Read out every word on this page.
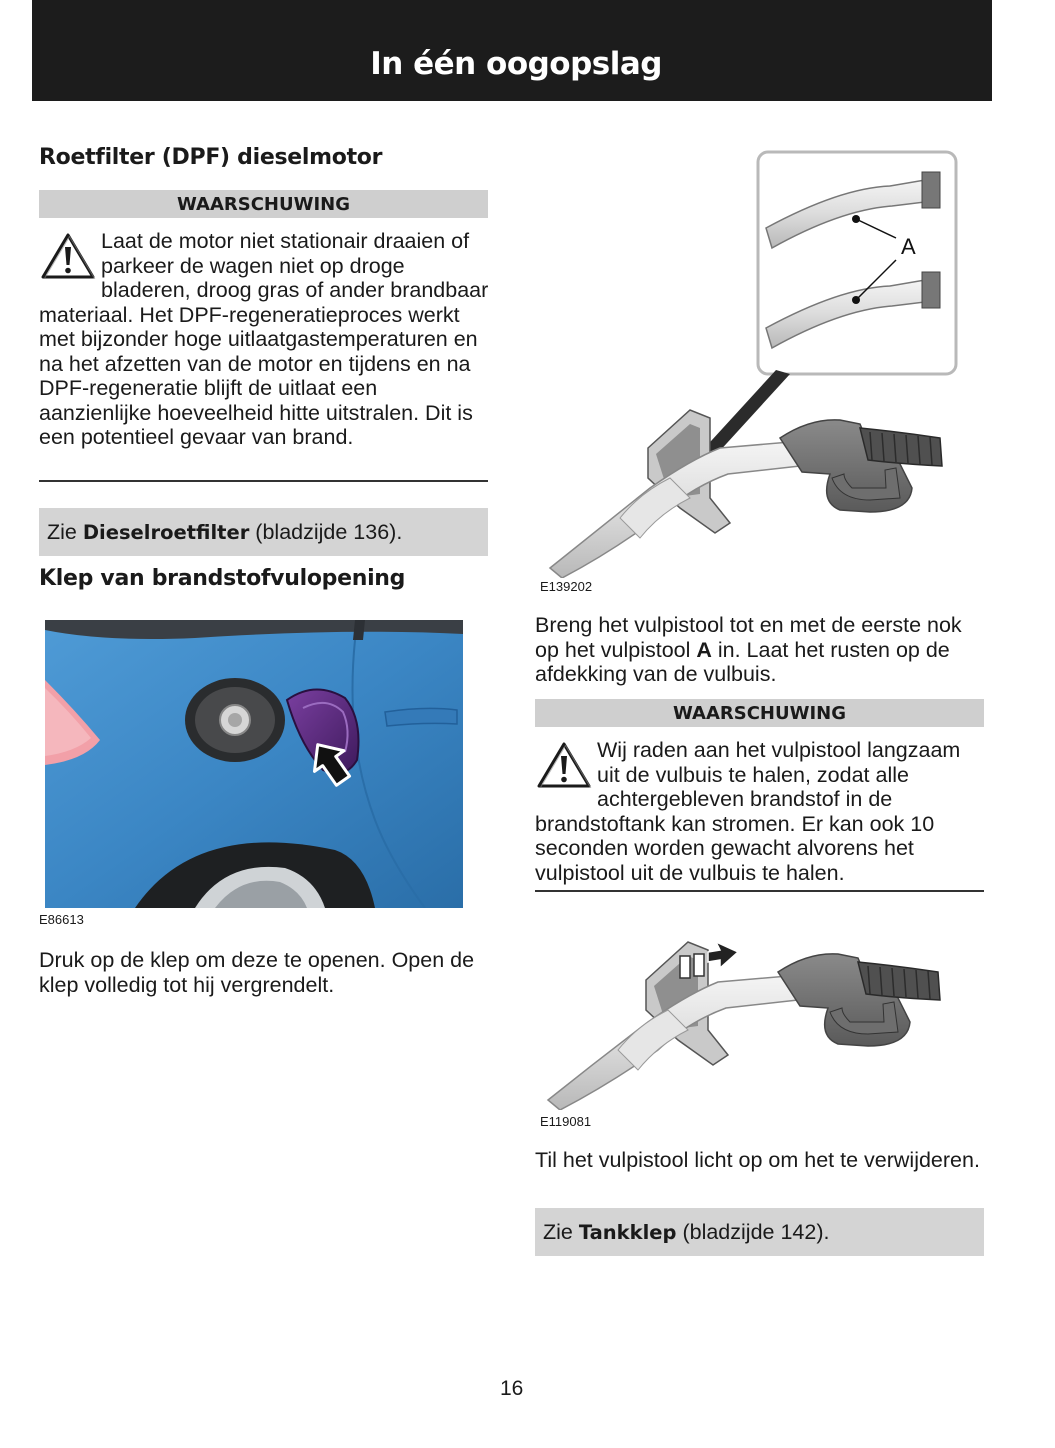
In één oogopslag
Roetfilter (DPF) dieselmotor
WAARSCHUWING
Laat de motor niet stationair draaien of parkeer de wagen niet op droge bladeren, droog gras of ander brandbaar materiaal. Het DPF-regeneratieproces werkt met bijzonder hoge uitlaatgastemperaturen en na het afzetten van de motor en tijdens en na DPF-regeneratie blijft de uitlaat een aanzienlijke hoeveelheid hitte uitstralen. Dit is een potentieel gevaar van brand.
Zie Dieselroetfilter (bladzijde 136).
Klep van brandstofvulopening
E86613
Druk op de klep om deze te openen. Open de klep volledig tot hij vergrendelt.
A
E139202
Breng het vulpistool tot en met de eerste nok op het vulpistool A in. Laat het rusten op de afdekking van de vulbuis.
WAARSCHUWING
Wij raden aan het vulpistool langzaam uit de vulbuis te halen, zodat alle achtergebleven brandstof in de brandstoftank kan stromen. Er kan ook 10 seconden worden gewacht alvorens het vulpistool uit de vulbuis te halen.
E119081
Til het vulpistool licht op om het te verwijderen.
Zie Tankklep (bladzijde 142).
16
